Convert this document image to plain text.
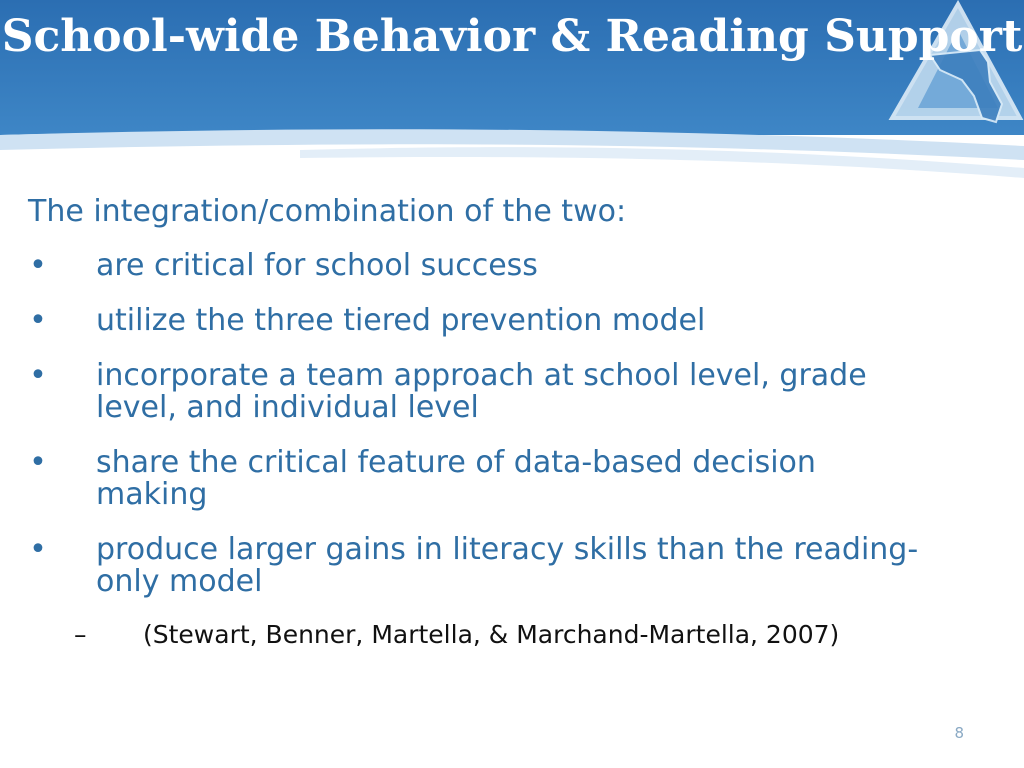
School-wide Behavior & Reading Support

The integration/combination of the two:

• are critical for school success
• utilize the three tiered prevention model
• incorporate a team approach at school level, grade level, and individual level
• share the critical feature of data-based decision making
• produce larger gains in literacy skills than the reading-only model
– (Stewart, Benner, Martella, & Marchand-Martella, 2007)
8
